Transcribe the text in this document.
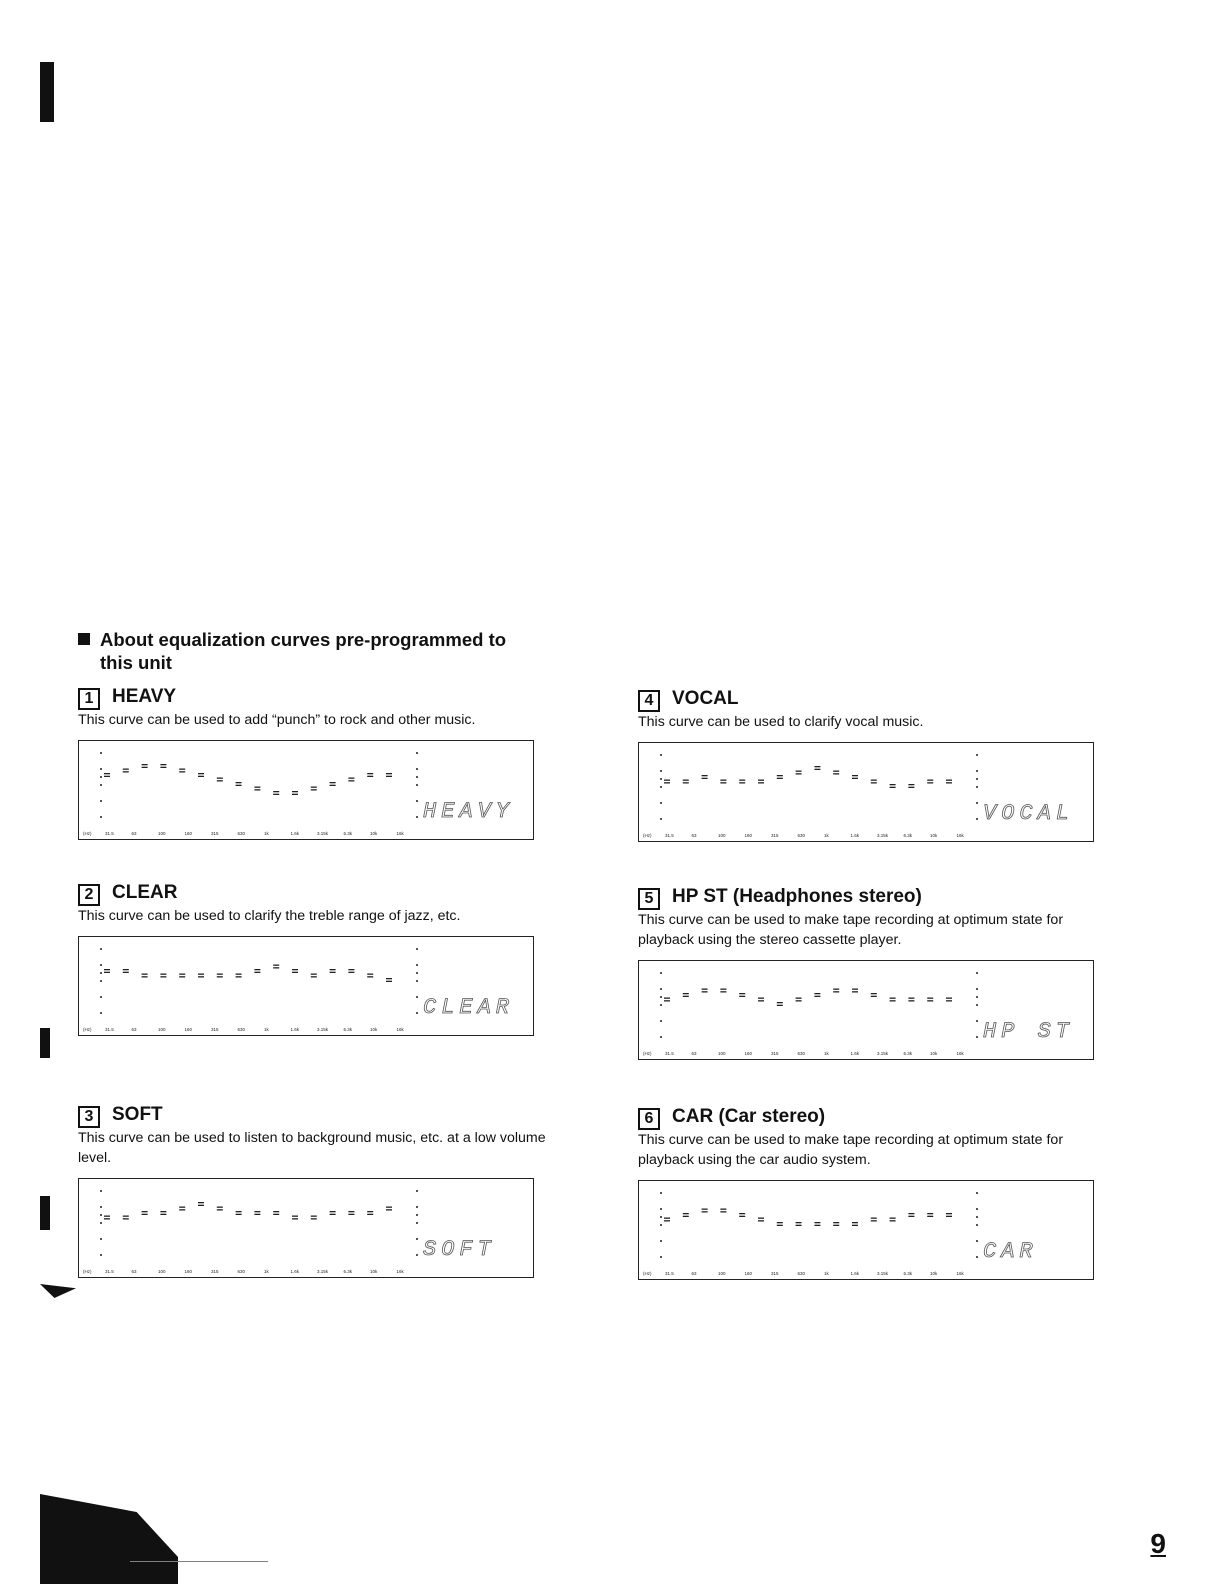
About equalization curves pre-programmed to
this unit
1 HEAVY
This curve can be used to add “punch” to rock and other music.
HEAVY
(Hz)	31.5	63	100	160	315	630	1k	1.6k	3.15k	6.3k	10k	16k
2 CLEAR
This curve can be used to clarify the treble range of jazz, etc.
CLEAR
(Hz)	31.5	63	100	160	315	630	1k	1.6k	3.15k	6.3k	10k	16k
3 SOFT
This curve can be used to listen to background music, etc. at a low volume level.
SOFT
(Hz)	31.5	63	100	160	315	630	1k	1.6k	3.15k	6.3k	10k	16k
4 VOCAL
This curve can be used to clarify vocal music.
VOCAL
(Hz)	31.5	63	100	160	315	630	1k	1.6k	3.15k	6.3k	10k	16k
5 HP ST (Headphones stereo)
This curve can be used to make tape recording at optimum state for playback using the stereo cassette player.
HP ST
(Hz)	31.5	63	100	160	315	630	1k	1.6k	3.15k	6.3k	10k	16k
6 CAR (Car stereo)
This curve can be used to make tape recording at optimum state for playback using the car audio system.
CAR
(Hz)	31.5	63	100	160	315	630	1k	1.6k	3.15k	6.3k	10k	16k
9
